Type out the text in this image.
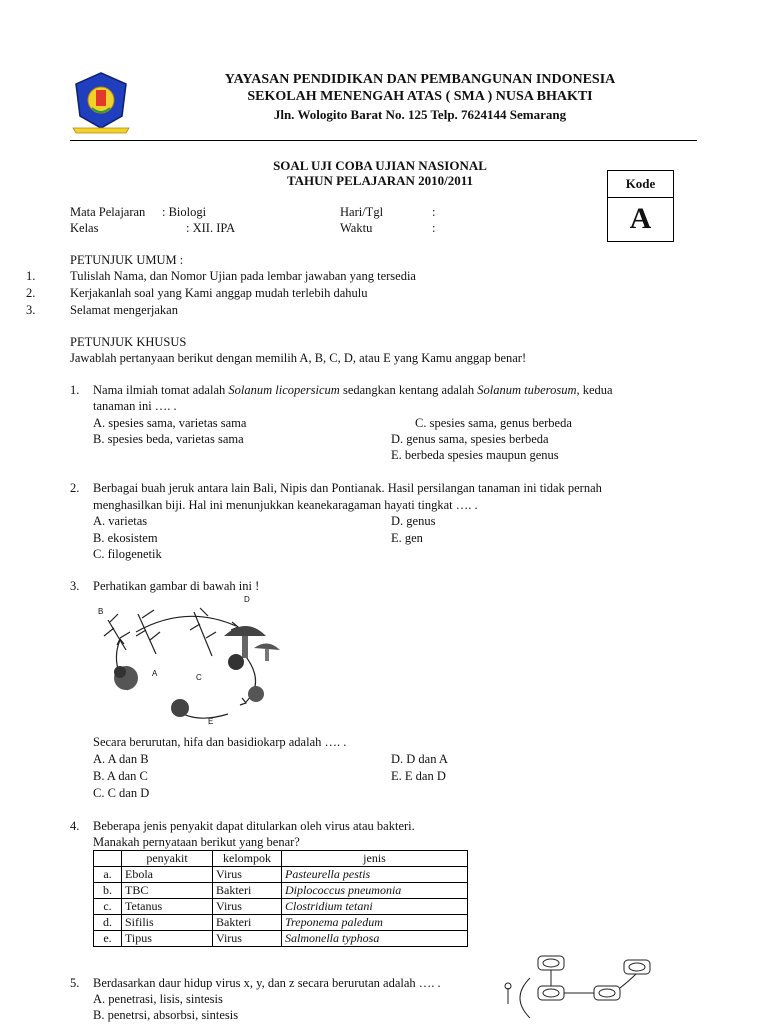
YAYASAN PENDIDIKAN DAN PEMBANGUNAN INDONESIA
SEKOLAH MENENGAH ATAS ( SMA ) NUSA BHAKTI
Jln. Wologito Barat No. 125 Telp. 7624144 Semarang
SOAL UJI COBA UJIAN NASIONAL
TAHUN PELAJARAN 2010/2011	Kode
A
Mata Pelajaran : Biologi
Kelas	: XII. IPA
Hari/Tgl	:
Waktu	:
PETUNJUK UMUM :
1.	Tulislah Nama, dan Nomor Ujian pada lembar jawaban yang tersedia
2.	Kerjakanlah soal yang Kami anggap mudah terlebih dahulu
3.	Selamat mengerjakan
PETUNJUK KHUSUS
Jawablah pertanyaan berikut dengan memilih A, B, C, D, atau E yang Kamu anggap benar!
1. Nama ilmiah tomat adalah Solanum licopersicum sedangkan kentang adalah Solanum tuberosum, kedua
tanaman ini …. .
A. spesies sama, varietas sama
B. spesies beda, varietas sama
C. spesies sama, genus berbeda
D. genus sama, spesies berbeda
E. berbeda spesies maupun genus
2. Berbagai buah jeruk antara lain Bali, Nipis dan Pontianak. Hasil persilangan tanaman ini tidak pernah
menghasilkan biji. Hal ini menunjukkan keanekaragaman hayati tingkat …. .
A. varietas
B. ekosistem
C. filogenetik
D. genus
E. gen
3. Perhatikan gambar di bawah ini !
B
A	C
D
E
Secara berurutan, hifa dan basidiokarp adalah …. .
A. A dan B
B. A dan C
C. C dan D
D. D dan A
E. E dan D
4. Beberapa jenis penyakit dapat ditularkan oleh virus atau bakteri.
Manakah pernyataan berikut yang benar?
	penyakit	kelompok	jenis
a.	Ebola	Virus	Pasteurella pestis
b.	TBC	Bakteri	Diplococcus pneumonia
c.	Tetanus	Virus	Clostridium tetani
d.	Sifilis	Bakteri	Treponema paledum
e.	Tipus	Virus	Salmonella typhosa
5. Berdasarkan daur hidup virus x, y, dan z secara berurutan adalah …. .
A. penetrasi, lisis, sintesis
B. penetrsi, absorbsi, sintesis
